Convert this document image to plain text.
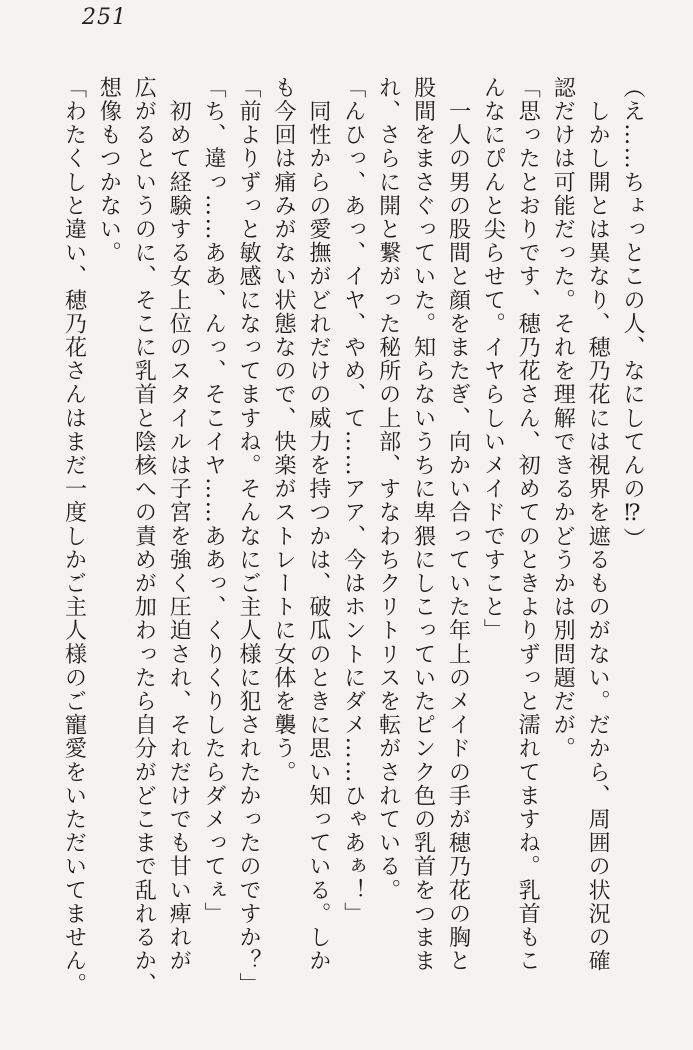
251

（え……ちょっとこの人、なにしてんの⁉）

　しかし開とは異なり、穂乃花には視界を遮るものがない。だから、周囲の状況の確

認だけは可能だった。それを理解できるかどうかは別問題だが。

「思ったとおりです、穂乃花さん、初めてのときよりずっと濡れてますね。乳首もこ

んなにぴんと尖らせて。イヤらしいメイドですこと」

　一人の男の股間と顔をまたぎ、向かい合っていた年上のメイドの手が穂乃花の胸と

股間をまさぐっていた。知らないうちに卑猥にしこっていたピンク色の乳首をつまま

れ、さらに開と繋がった秘所の上部、すなわちクリトリスを転がされている。

「んひっ、あっ、イヤ、やめ、て……アア、今はホントにダメ……ひゃあぁ！」

　同性からの愛撫がどれだけの威力を持つかは、破瓜のときに思い知っている。しか

も今回は痛みがない状態なので、快楽がストレートに女体を襲う。

「前よりずっと敏感になってますね。そんなにご主人様に犯されたかったのですか？」

「ち、違っ……ああ、んっ、そこイヤ……ああっ、くりくりしたらダメってぇ」

　初めて経験する女上位のスタイルは子宮を強く圧迫され、それだけでも甘い痺れが

広がるというのに、そこに乳首と陰核への責めが加わったら自分がどこまで乱れるか、

想像もつかない。

「わたくしと違い、穂乃花さんはまだ一度しかご主人様のご寵愛をいただいてません。
